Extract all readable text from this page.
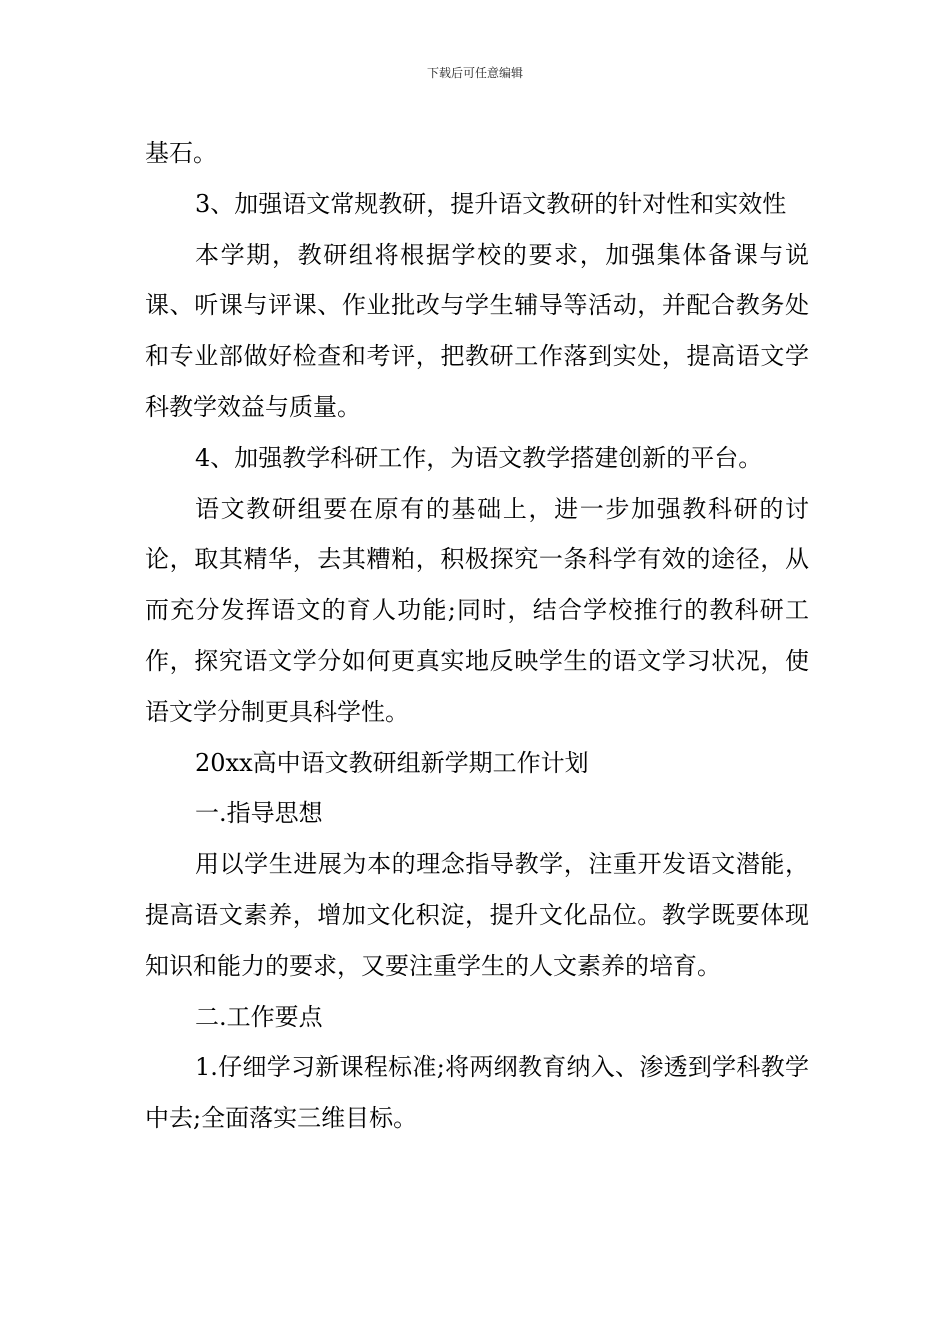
下载后可任意编辑

基石。

3、加强语文常规教研，提升语文教研的针对性和实效性

本学期，教研组将根据学校的要求，加强集体备课与说课、听课与评课、作业批改与学生辅导等活动，并配合教务处和专业部做好检查和考评，把教研工作落到实处，提高语文学科教学效益与质量。

4、加强教学科研工作，为语文教学搭建创新的平台。

语文教研组要在原有的基础上，进一步加强教科研的讨论，取其精华，去其糟粕，积极探究一条科学有效的途径，从而充分发挥语文的育人功能;同时，结合学校推行的教科研工作，探究语文学分如何更真实地反映学生的语文学习状况，使语文学分制更具科学性。

20xx高中语文教研组新学期工作计划

一.指导思想

用以学生进展为本的理念指导教学，注重开发语文潜能，提高语文素养，增加文化积淀，提升文化品位。教学既要体现知识和能力的要求，又要注重学生的人文素养的培育。

二.工作要点

1.仔细学习新课程标准;将两纲教育纳入、渗透到学科教学中去;全面落实三维目标。
